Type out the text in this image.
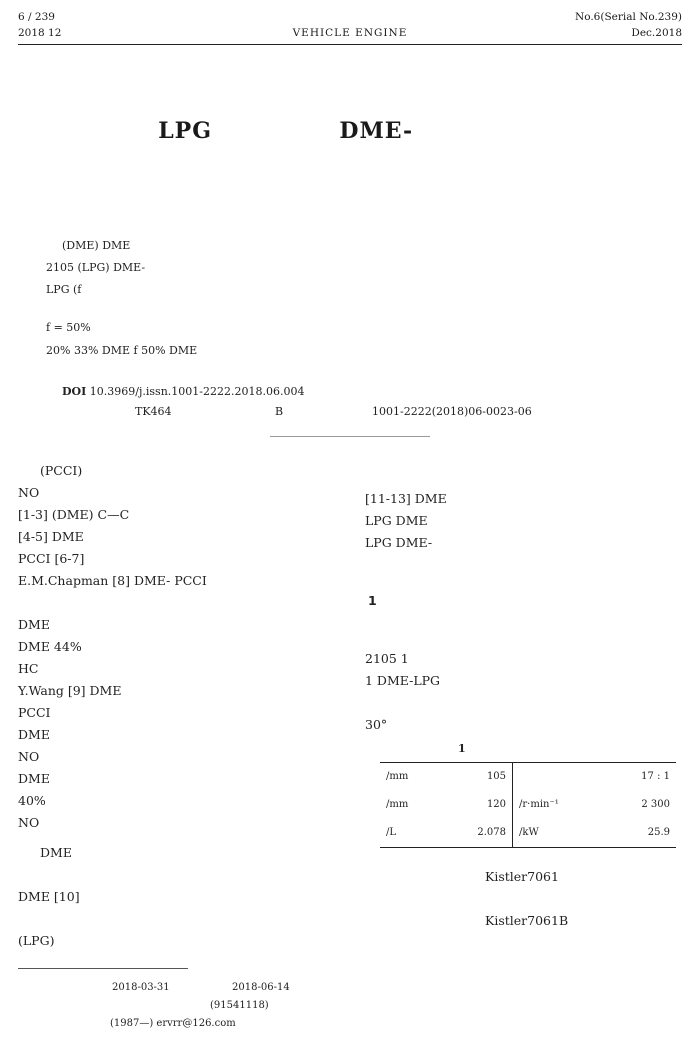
6 / 239
2018 12	VEHICLE ENGINE
No.6(Serial No.239)
Dec.2018
LPG	DME-
(DME) DME
2105 (LPG) DME-
LPG (f
f = 50%
20% 33% DME f 50% DME
DOI 10.3969/j.issn.1001-2222.2018.06.004
TK464	B	1001-2222(2018)06-0023-06
(PCCI)
NO
[1-3] (DME) C—C
[4-5] DME
PCCI [6-7]
E.M.Chapman [8] DME- PCCI
DME
DME 44%
HC
Y.Wang [9] DME
PCCI
DME
NO
DME
40%
NO
DME
DME [10]
(LPG)
[11-13] DME
LPG DME
LPG DME-
1
2105 1
1 DME-LPG
30°
1
/mm	105		17 : 1
/mm	120	/r·min⁻¹	2 300
/L	2.078	/kW	25.9
Kistler7061
Kistler7061B
2018-03-31	2018-06-14
(91541118)
(1987—) ervrr@126.com
